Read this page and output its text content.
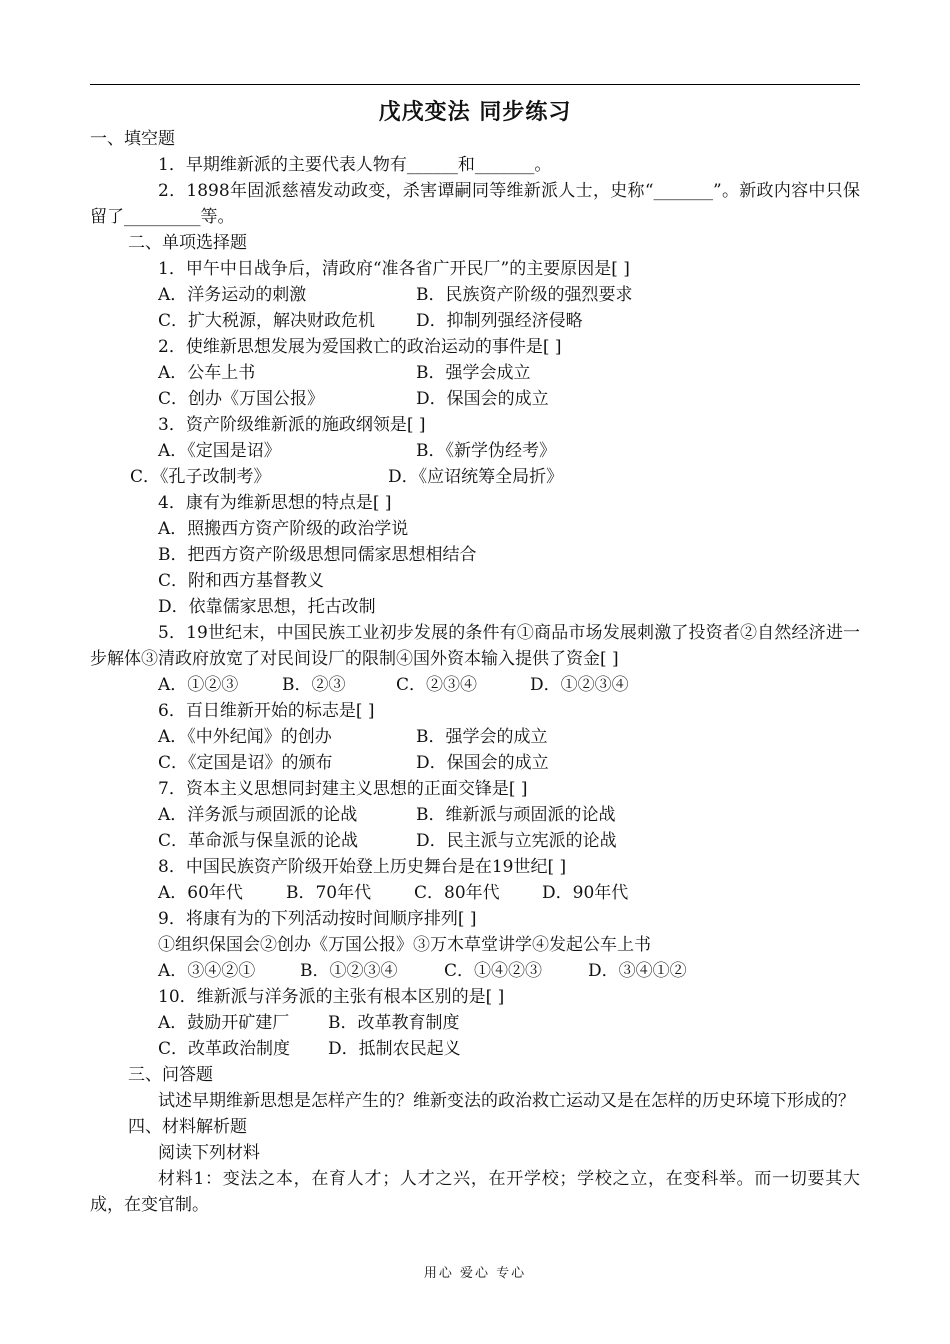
戊戌变法 同步练习
一、填空题
1．早期维新派的主要代表人物有______和_______。
2．1898年固派慈禧发动政变，杀害谭嗣同等维新派人士，史称“_______”。新政内容中只保留了_________等。
二、单项选择题
1．甲午中日战争后，清政府“准各省广开民厂”的主要原因是[ ]
A．洋务运动的刺激	B．民族资产阶级的强烈要求
C．扩大税源，解决财政危机 D．抑制列强经济侵略
2．使维新思想发展为爱国救亡的政治运动的事件是[ ]
A．公车上书	B．强学会成立
C．创办《万国公报》	D．保国会的成立
3．资产阶级维新派的施政纲领是[ ]
A．《定国是诏》	B．《新学伪经考》
C．《孔子改制考》	D．《应诏统筹全局折》
4．康有为维新思想的特点是[ ]
A．照搬西方资产阶级的政治学说
B．把西方资产阶级思想同儒家思想相结合
C．附和西方基督教义
D．依靠儒家思想，托古改制
5．19世纪末，中国民族工业初步发展的条件有①商品市场发展刺激了投资者②自然经济进一步解体③清政府放宽了对民间设厂的限制④国外资本输入提供了资金[ ]
A．①②③	B．②③	C．②③④	D．①②③④
6．百日维新开始的标志是[ ]
A．《中外纪闻》的创办	B．强学会的成立
C．《定国是诏》的颁布	D．保国会的成立
7．资本主义思想同封建主义思想的正面交锋是[ ]
A．洋务派与顽固派的论战	B．维新派与顽固派的论战
C．革命派与保皇派的论战	D．民主派与立宪派的论战
8．中国民族资产阶级开始登上历史舞台是在19世纪[ ]
A．60年代	B．70年代	C．80年代 D．90年代
9．将康有为的下列活动按时间顺序排列[ ]
①组织保国会②创办《万国公报》③万木草堂讲学④发起公车上书
A．③④②①	B．①②③④	C．①④②③	D．③④①②
10．维新派与洋务派的主张有根本区别的是[ ]
A．鼓励开矿建厂 B．改革教育制度
C．改革政治制度 D．抵制农民起义
三、问答题
试述早期维新思想是怎样产生的？维新变法的政治救亡运动又是在怎样的历史环境下形成的？
四、材料解析题
阅读下列材料
材料1：变法之本，在育人才；人才之兴，在开学校；学校之立，在变科举。而一切要其大成，在变官制。
用心 爱心 专心
